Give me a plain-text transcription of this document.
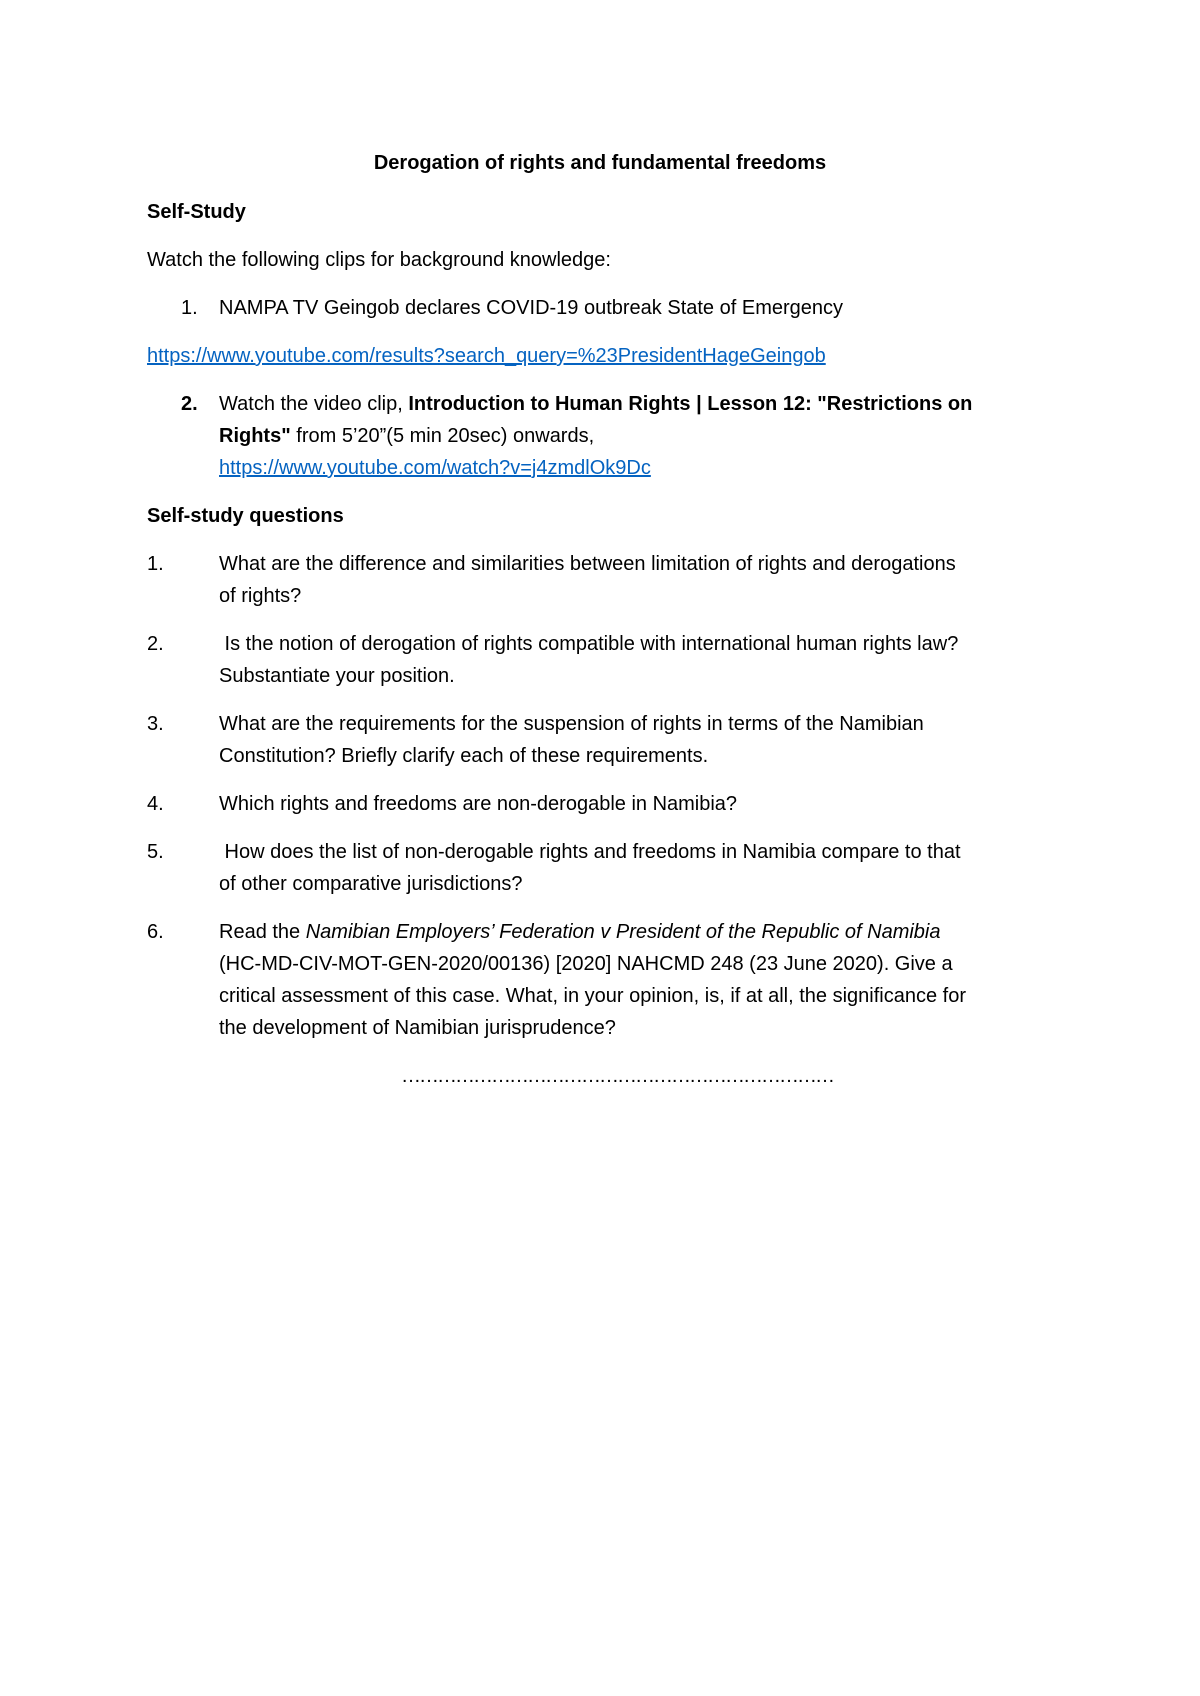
Derogation of rights and fundamental freedoms
Self-Study
Watch the following clips for background knowledge:
1. NAMPA TV Geingob declares COVID-19 outbreak State of Emergency
https://www.youtube.com/results?search_query=%23PresidentHageGeingob
2. Watch the video clip, Introduction to Human Rights | Lesson 12: "Restrictions on
Rights" from 5’20”(5 min 20sec) onwards,
https://www.youtube.com/watch?v=j4zmdlOk9Dc
Self-study questions
1.	What are the difference and similarities between limitation of rights and derogations
of rights?
2.	Is the notion of derogation of rights compatible with international human rights law?
Substantiate your position.
3.	What are the requirements for the suspension of rights in terms of the Namibian
Constitution? Briefly clarify each of these requirements.
4.	Which rights and freedoms are non-derogable in Namibia?
5.	How does the list of non-derogable rights and freedoms in Namibia compare to that
of other comparative jurisdictions?
6.	Read the Namibian Employers’ Federation v President of the Republic of Namibia
(HC-MD-CIV-MOT-GEN-2020/00136) [2020] NAHCMD 248 (23 June 2020). Give a
critical assessment of this case. What, in your opinion, is, if at all, the significance for
the development of Namibian jurisprudence?
………………………………………………………………
